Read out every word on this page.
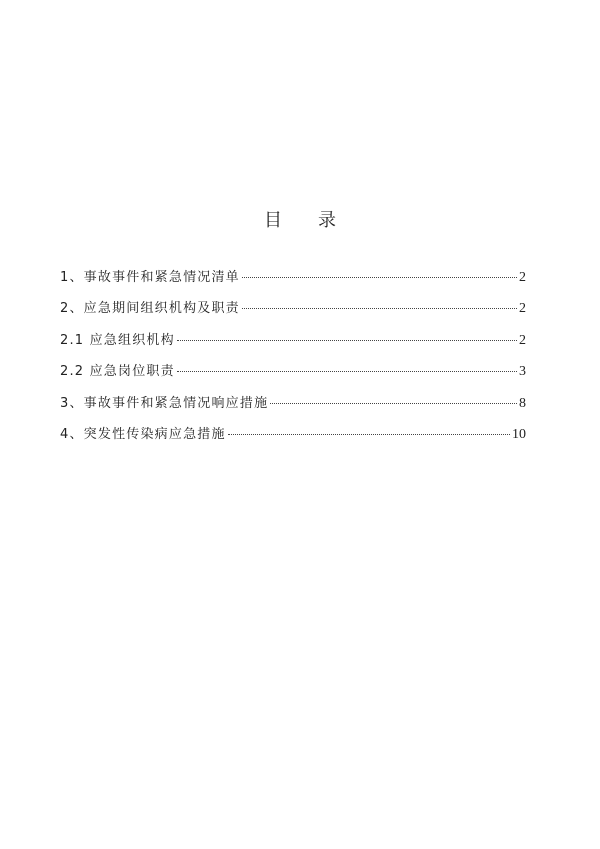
目　　录
1、事故事件和紧急情况清单	2
2、应急期间组织机构及职责	2
2.1 应急组织机构	2
2.2 应急岗位职责	3
3、事故事件和紧急情况响应措施	8
4、突发性传染病应急措施	10
